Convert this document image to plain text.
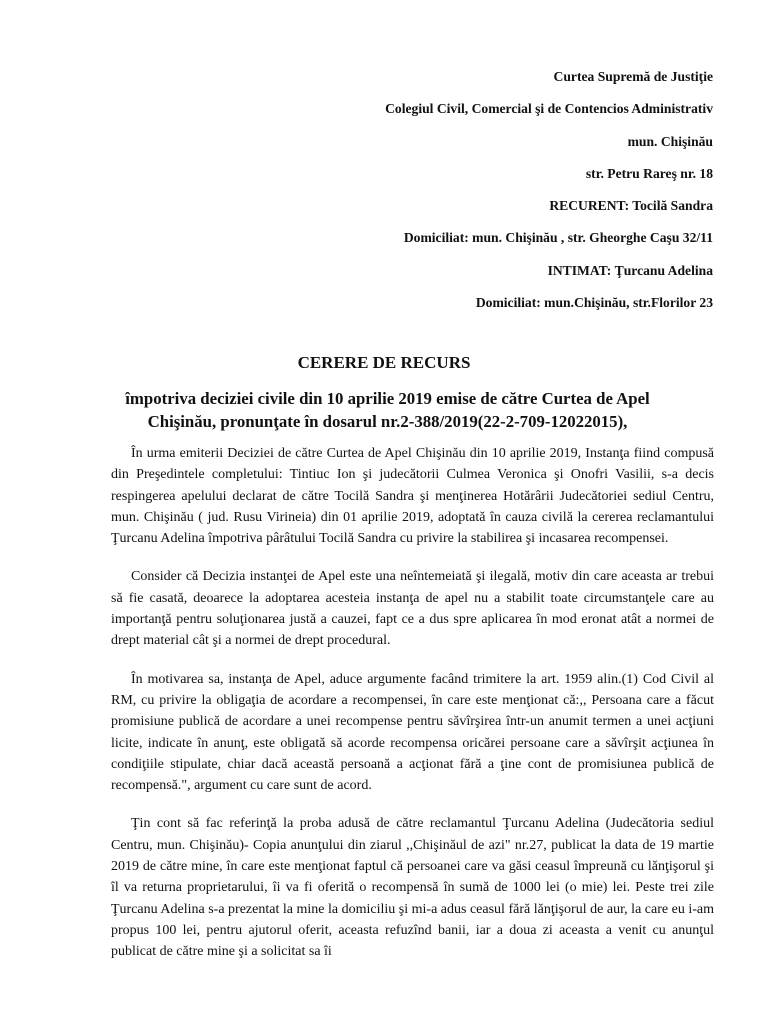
Curtea Supremă de Justiţie

Colegiul Civil, Comercial şi de Contencios Administrativ

mun. Chişinău

str. Petru Rareş nr. 18

RECURENT: Tocilă Sandra

Domiciliat: mun. Chişinău , str. Gheorghe Caşu 32/11

INTIMAT: Ţurcanu Adelina

Domiciliat: mun.Chişinău, str.Florilor 23

CERERE DE RECURS
împotriva deciziei civile din 10 aprilie 2019 emise de către Curtea de Apel Chişinău, pronunţate în dosarul nr.2-388/2019(22-2-709-12022015),

În urma emiterii Deciziei de către Curtea de Apel Chişinău din 10 aprilie 2019, Instanţa fiind compusă din Preşedintele completului: Tintiuc Ion şi judecătorii Culmea Veronica şi Onofri Vasilii, s-a decis respingerea apelului declarat de către Tocilă Sandra şi menţinerea Hotărârii Judecătoriei sediul Centru, mun. Chişinău ( jud. Rusu Virineia) din 01 aprilie 2019, adoptată în cauza civilă la cererea reclamantului Ţurcanu Adelina împotriva pârâtului Tocilă Sandra cu privire la stabilirea şi incasarea recompensei.

Consider că Decizia instanţei de Apel este una neîntemeiată şi ilegală, motiv din care aceasta ar trebui să fie casată, deoarece la adoptarea acesteia instanţa de apel nu a stabilit toate circumstanţele care au importanţă pentru soluţionarea justă a cauzei, fapt ce a dus spre aplicarea în mod eronat atât a normei de drept material cât şi a normei de drept procedural.

În motivarea sa, instanţa de Apel, aduce argumente facând trimitere la art. 1959 alin.(1) Cod Civil al RM, cu privire la obligaţia de acordare a recompensei, în care este menţionat că:,, Persoana care a făcut promisiune publică de acordare a unei recompense pentru săvîrşirea într-un anumit termen a unei acţiuni licite, indicate în anunţ, este obligată să acorde recompensa oricărei persoane care a săvîrşit acţiunea în condiţiile stipulate, chiar dacă această persoană a acţionat fără a ţine cont de promisiunea publică de recompensă.", argument cu care sunt de acord.

Ţin cont să fac referinţă la proba adusă de către reclamantul Ţurcanu Adelina (Judecătoria sediul Centru, mun. Chişinău)- Copia anunţului din ziarul ,,Chişinăul de azi" nr.27, publicat la data de 19 martie 2019 de către mine, în care este menţionat faptul că persoanei care va găsi ceasul împreună cu lănţişorul şi îl va returna proprietarului, îi va fi oferită o recompensă în sumă de 1000 lei (o mie) lei. Peste trei zile Ţurcanu Adelina s-a prezentat la mine la domiciliu şi mi-a adus ceasul fără lănţişorul de aur, la care eu i-am propus 100 lei, pentru ajutorul oferit, aceasta refuzînd banii, iar a doua zi aceasta a venit cu anunţul publicat de către mine şi a solicitat sa îi
